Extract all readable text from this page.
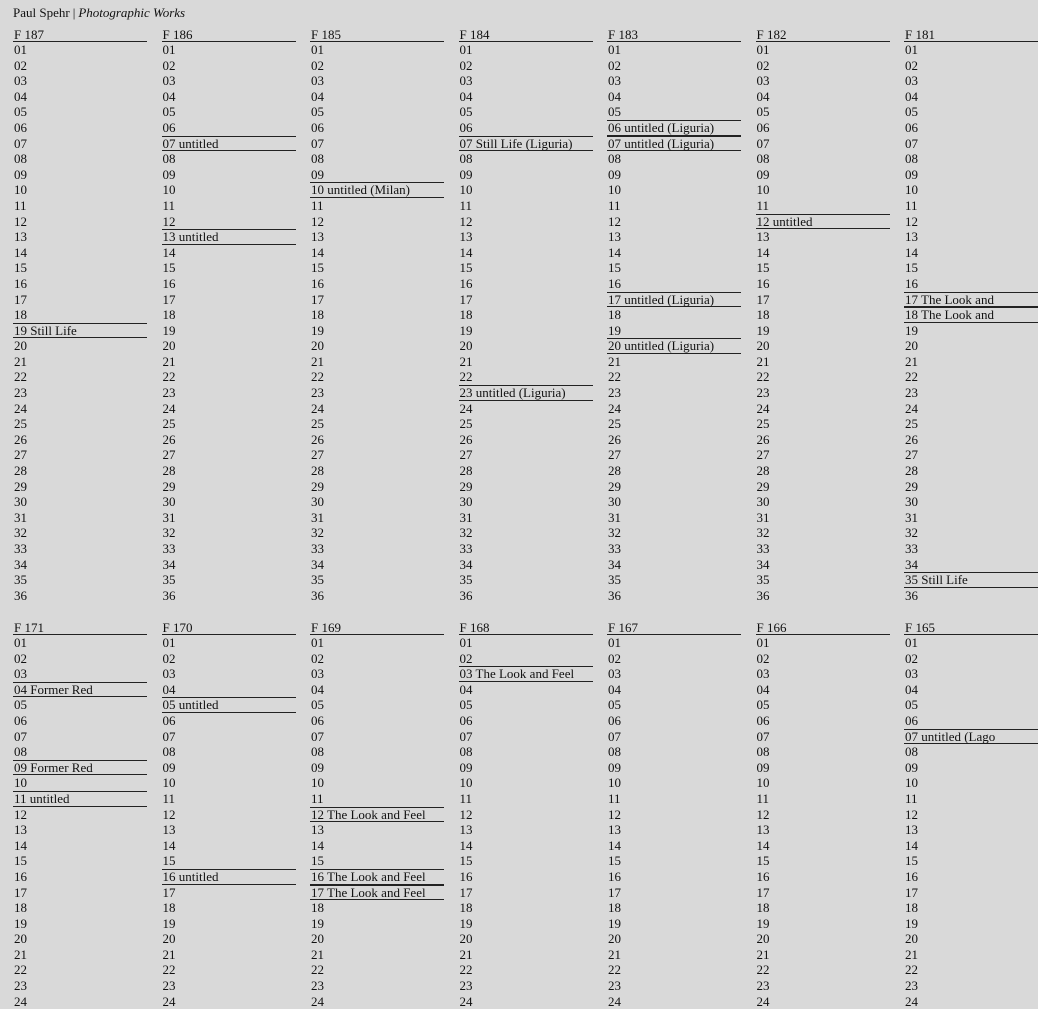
Paul Spehr | Photographic Works
F 187
01
02
03
04
05
06
07
08
09
10
11
12
13
14
15
16
17
18
19 Still Life
20
21
22
23
24
25
26
27
28
29
30
31
32
33
34
35
36
F 186
01
02
03
04
05
06
07 untitled
08
09
10
11
12
13 untitled
14
15
16
17
18
19
20
21
22
23
24
25
26
27
28
29
30
31
32
33
34
35
36
F 185
01
02
03
04
05
06
07
08
09
10 untitled (Milan)
11
12
13
14
15
16
17
18
19
20
21
22
23
24
25
26
27
28
29
30
31
32
33
34
35
36
F 184
01
02
03
04
05
06
07 Still Life (Liguria)
08
09
10
11
12
13
14
15
16
17
18
19
20
21
22
23 untitled (Liguria)
24
25
26
27
28
29
30
31
32
33
34
35
36
F 183
01
02
03
04
05
06 untitled (Liguria)
07 untitled (Liguria)
08
09
10
11
12
13
14
15
16
17 untitled (Liguria)
18
19
20 untitled (Liguria)
21
22
23
24
25
26
27
28
29
30
31
32
33
34
35
36
F 182
01
02
03
04
05
06
07
08
09
10
11
12 untitled
13
14
15
16
17
18
19
20
21
22
23
24
25
26
27
28
29
30
31
32
33
34
35
36
F 181
01
02
03
04
05
06
07
08
09
10
11
12
13
14
15
16
17 The Look and
18 The Look and
19
20
21
22
23
24
25
26
27
28
29
30
31
32
33
34
35 Still Life
36
F 171
01
02
03
04 Former Red
05
06
07
08
09 Former Red
10
11 untitled
12
13
14
15
16
17
18
19
20
21
22
23
24
F 170
01
02
03
04
05 untitled
06
07
08
09
10
11
12
13
14
15
16 untitled
17
18
19
20
21
22
23
24
F 169
01
02
03
04
05
06
07
08
09
10
11
12 The Look and Feel
13
14
15
16 The Look and Feel
17 The Look and Feel
18
19
20
21
22
23
24
F 168
01
02
03 The Look and Feel
04
05
06
07
08
09
10
11
12
13
14
15
16
17
18
19
20
21
22
23
24
F 167
01
02
03
04
05
06
07
08
09
10
11
12
13
14
15
16
17
18
19
20
21
22
23
24
F 166
01
02
03
04
05
06
07
08
09
10
11
12
13
14
15
16
17
18
19
20
21
22
23
24
F 165
01
02
03
04
05
06
07 untitled (Lago
08
09
10
11
12
13
14
15
16
17
18
19
20
21
22
23
24
